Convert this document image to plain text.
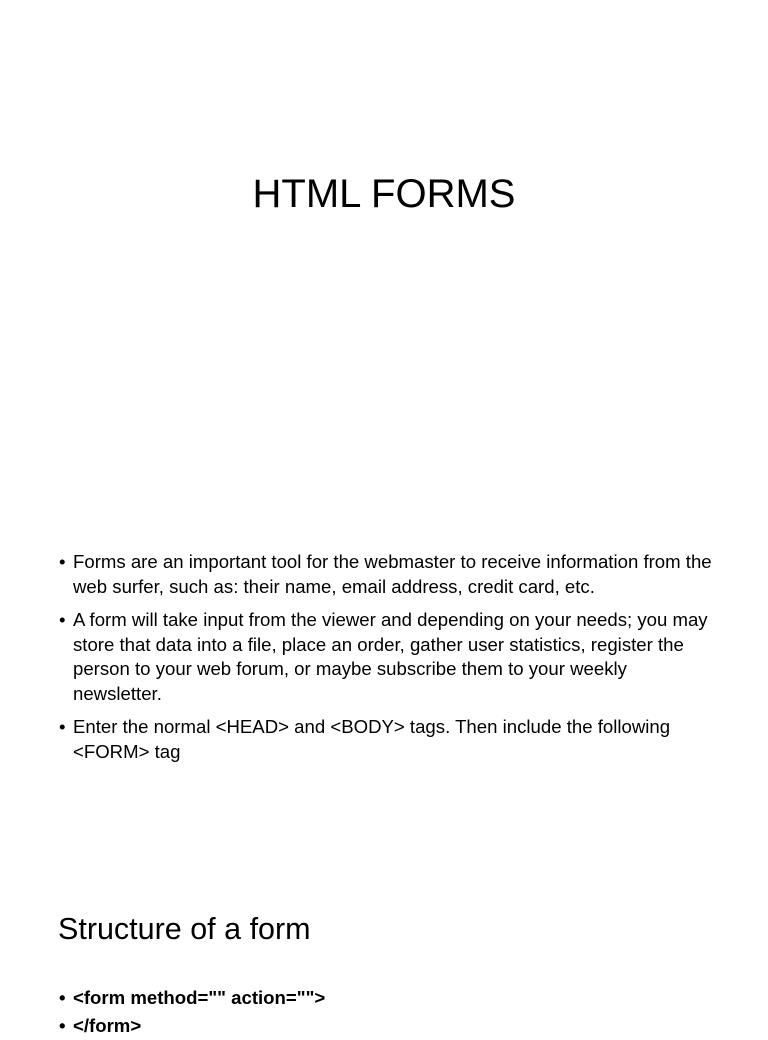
HTML FORMS
• Forms are an important tool for the webmaster to receive information from the web surfer, such as: their name, email address, credit card, etc.
• A form will take input from the viewer and depending on your needs; you may store that data into a file, place an order, gather user statistics, register the person to your web forum, or maybe subscribe them to your weekly newsletter.
• Enter the normal <HEAD> and <BODY> tags. Then include the following <FORM> tag
Structure of a form
• <form method="" action="">
• </form>
